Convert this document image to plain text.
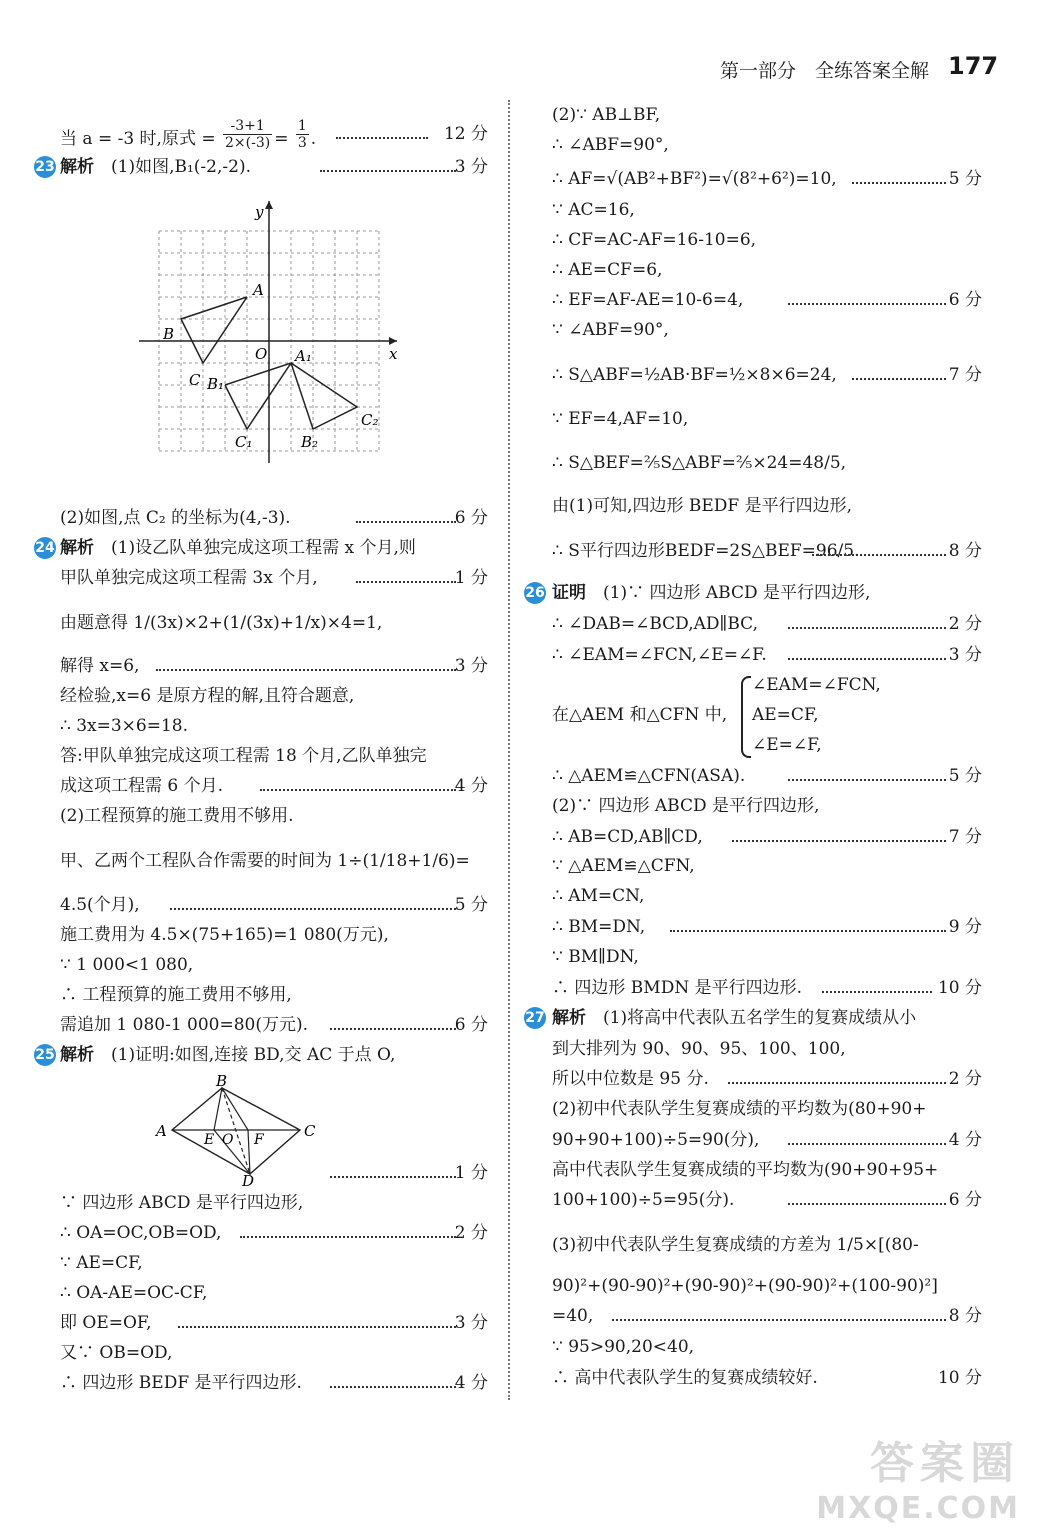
第一部分　全练答案全解 177
当 a = -3 时,原式 = $\frac{-3+1}{2\times(-3)} = \frac{1}{3}$ .	12 分
23 解析　 (1)如图,B₁(-2,-2).	3 分
x
y
O
A
B
C
A₁
B₁
C₁	B₂
C₂
(2)如图,点 C₂ 的坐标为(4,-3).	6 分
24 解析　 (1)设乙队单独完成这项工程需 x 个月,则
甲队单独完成这项工程需 3x 个月,	1 分
由题意得 1/(3x)×2+(1/(3x)+1/x)×4=1,
解得 x=6,	3 分
经检验,x=6 是原方程的解,且符合题意,
∴ 3x=3×6=18.
答:甲队单独完成这项工程需 18 个月,乙队单独完
成这项工程需 6 个月.	4 分
(2)工程预算的施工费用不够用.
甲、乙两个工程队合作需要的时间为 1÷(1/18+1/6)=
4.5(个月),	5 分
施工费用为 4.5×(75+165)=1 080(万元),
∵ 1 000<1 080,
∴ 工程预算的施工费用不够用,
需追加 1 080-1 000=80(万元).	6 分
25 解析　 (1)证明:如图,连接 BD,交 AC 于点 O,
A
B
C
D
E O F
1 分
∵ 四边形 ABCD 是平行四边形,
∴ OA=OC,OB=OD,	2 分
∵ AE=CF,
∴ OA-AE=OC-CF,
即 OE=OF,	3 分
又∵ OB=OD,
∴ 四边形 BEDF 是平行四边形.	4 分
(2)∵ AB⊥BF,
∴ ∠ABF=90°,
∴ AF=√(AB²+BF²)=√(8²+6²)=10,	5 分
∵ AC=16,
∴ CF=AC-AF=16-10=6,
∴ AE=CF=6,
∴ EF=AF-AE=10-6=4,	6 分
∵ ∠ABF=90°,
∴ S△ABF=½AB·BF=½×8×6=24,	7 分
∵ EF=4,AF=10,
∴ S△BEF=⅖S△ABF=⅖×24=48/5,
由(1)可知,四边形 BEDF 是平行四边形,
∴ S平行四边形BEDF=2S△BEF=96/5.	8 分
26 证明　 (1)∵ 四边形 ABCD 是平行四边形,
∴ ∠DAB=∠BCD,AD∥BC,	2 分
∴ ∠EAM=∠FCN,∠E=∠F.	3 分
在△AEM 和△CFN 中,
∠EAM=∠FCN,
AE=CF,
∠E=∠F,
∴ △AEM≌△CFN(ASA).	5 分
(2)∵ 四边形 ABCD 是平行四边形,
∴ AB=CD,AB∥CD,	7 分
∵ △AEM≌△CFN,
∴ AM=CN,
∴ BM=DN,	9 分
∵ BM∥DN,
∴ 四边形 BMDN 是平行四边形.	10 分
27 解析　 (1)将高中代表队五名学生的复赛成绩从小
到大排列为 90、90、95、100、100,
所以中位数是 95 分.	2 分
(2)初中代表队学生复赛成绩的平均数为(80+90+
90+90+100)÷5=90(分),	4 分
高中代表队学生复赛成绩的平均数为(90+90+95+
100+100)÷5=95(分).	6 分
(3)初中代表队学生复赛成绩的方差为 1/5×[(80-
90)²+(90-90)²+(90-90)²+(90-90)²+(100-90)²]
=40,	8 分
∵ 95>90,20<40,
∴ 高中代表队学生的复赛成绩较好.	10 分
答案圈
MXQE.COM
